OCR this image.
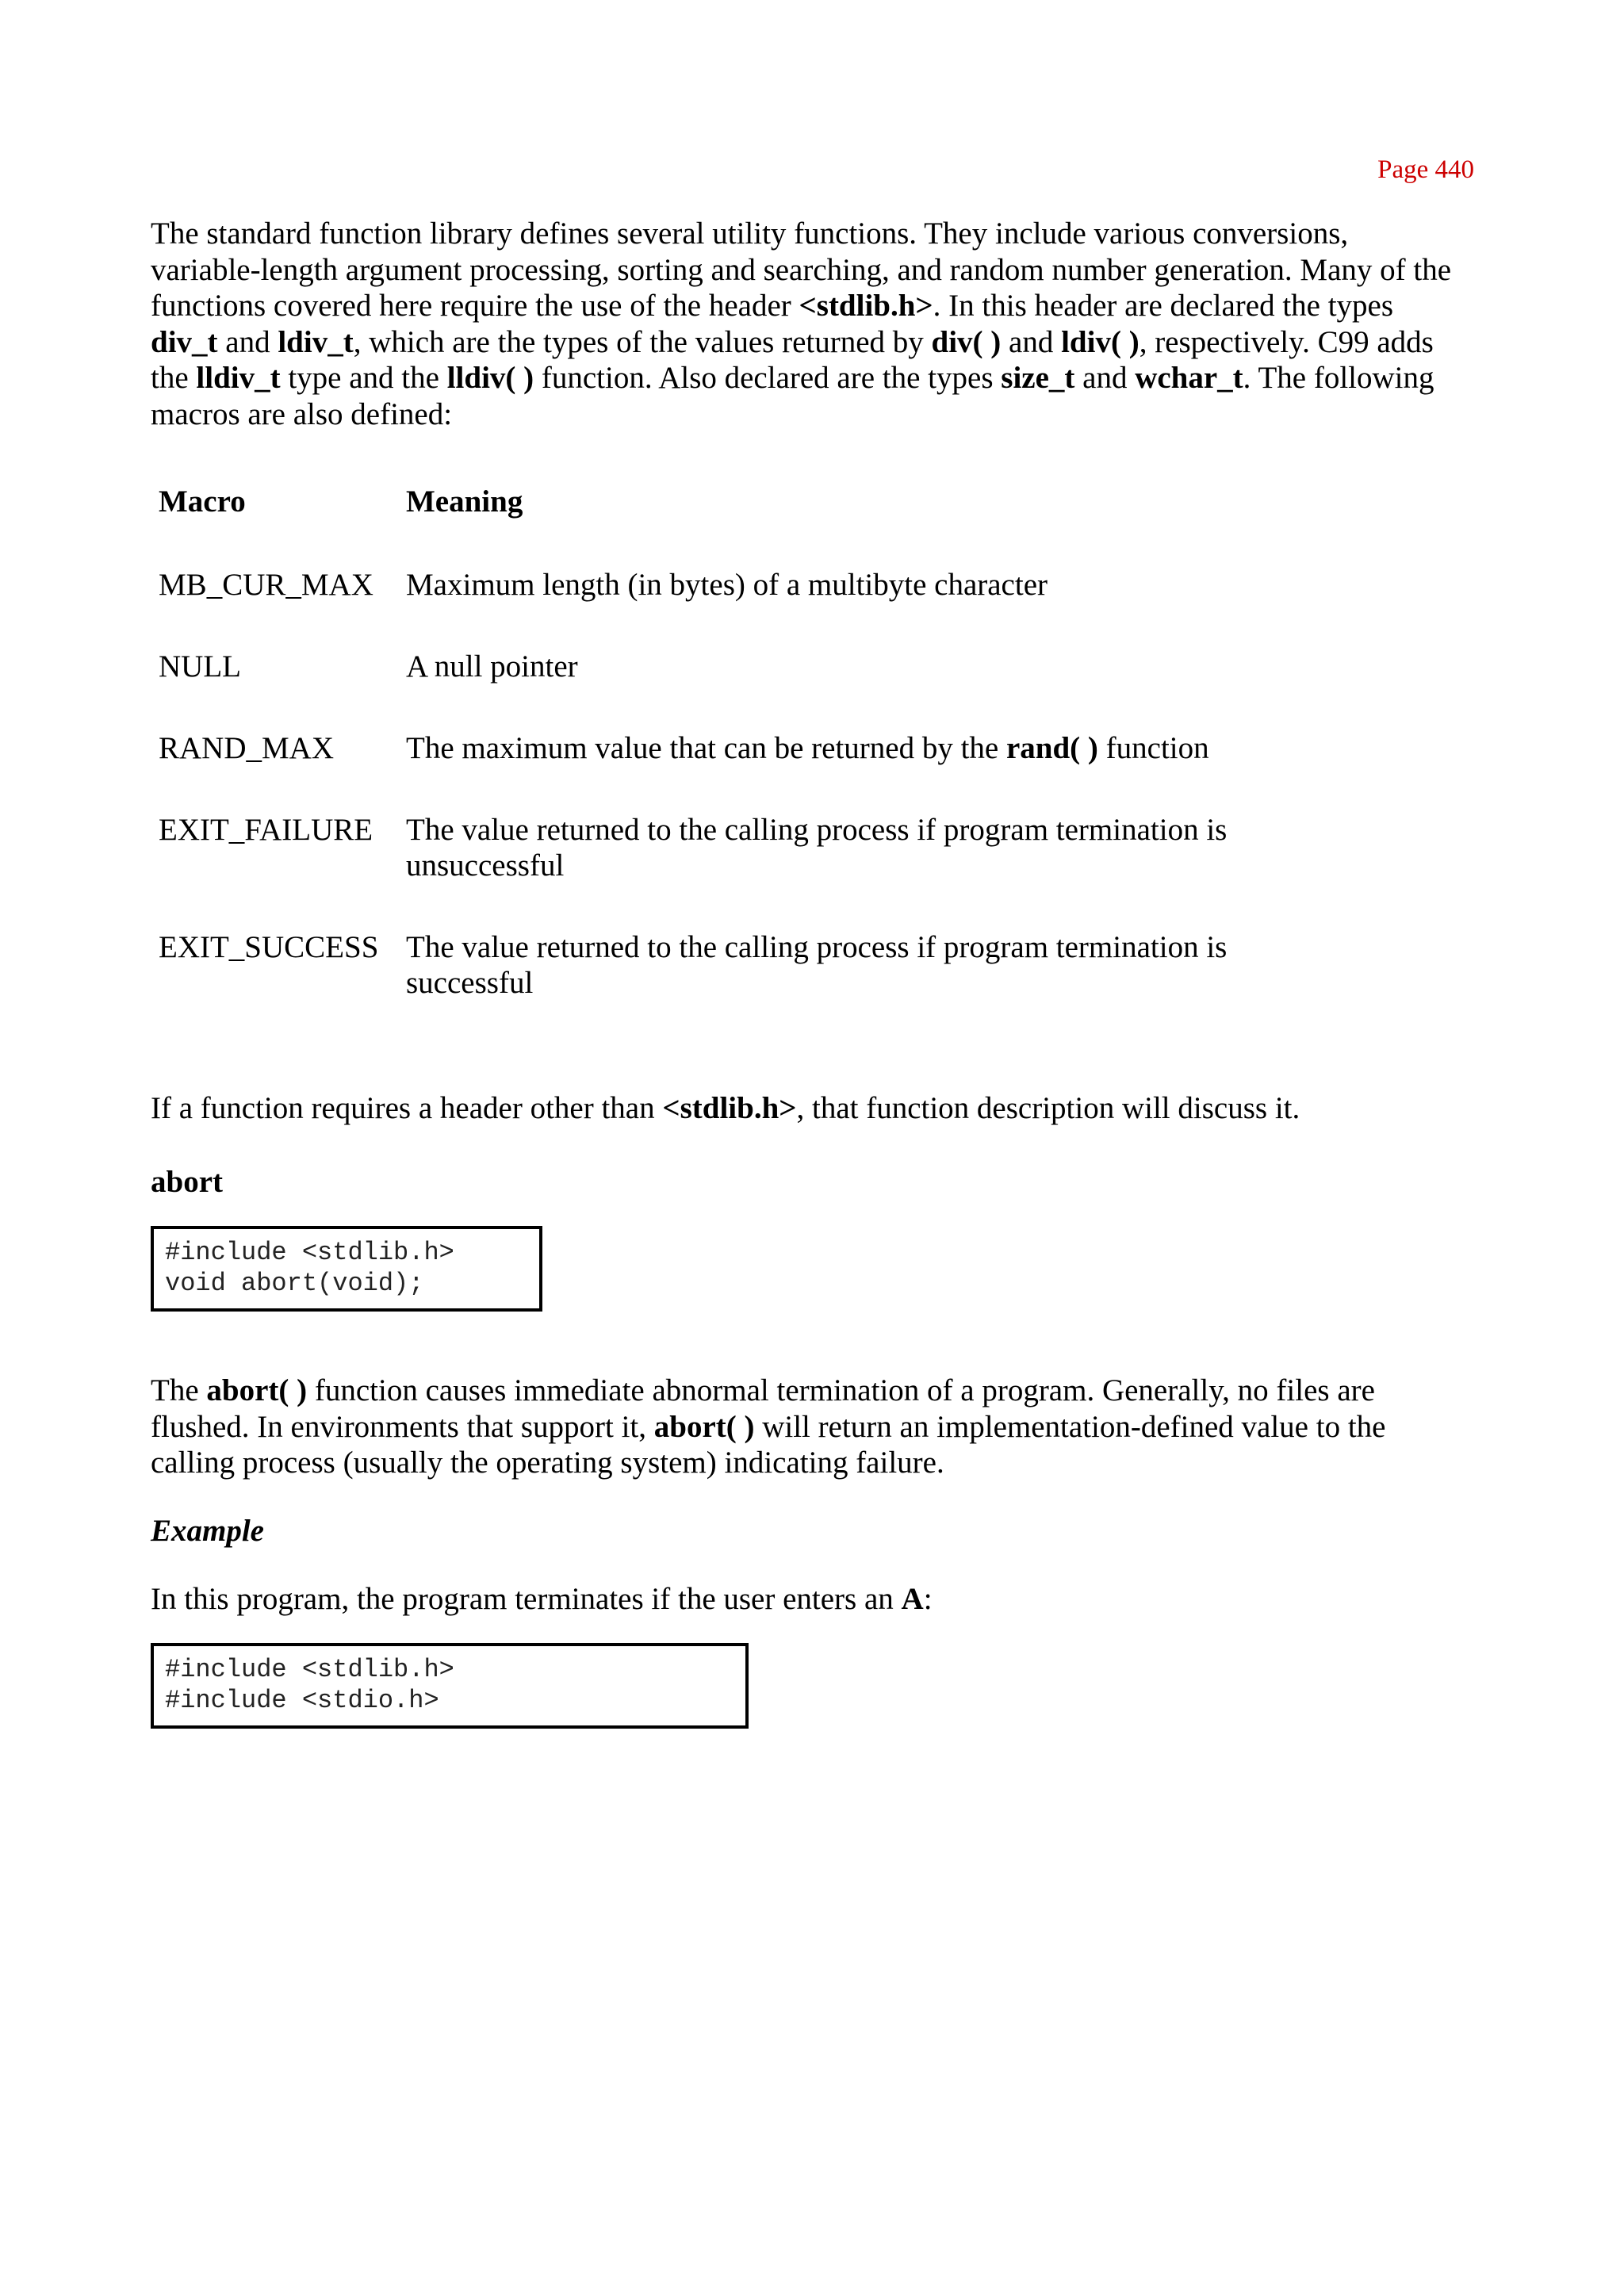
Page 440

The standard function library defines several utility functions. They include various conversions, variable-length argument processing, sorting and searching, and random number generation. Many of the functions covered here require the use of the header <stdlib.h>. In this header are declared the types div_t and ldiv_t, which are the types of the values returned by div( ) and ldiv( ), respectively. C99 adds the lldiv_t type and the lldiv( ) function. Also declared are the types size_t and wchar_t. The following macros are also defined:

Macro	Meaning
MB_CUR_MAX	Maximum length (in bytes) of a multibyte character
NULL	A null pointer
RAND_MAX	The maximum value that can be returned by the rand( ) function
EXIT_FAILURE	The value returned to the calling process if program termination is unsuccessful
EXIT_SUCCESS The value returned to the calling process if program termination is successful

If a function requires a header other than <stdlib.h>, that function description will discuss it.

abort
#include <stdlib.h>
void abort(void);

The abort( ) function causes immediate abnormal termination of a program. Generally, no files are flushed. In environments that support it, abort( ) will return an implementation-defined value to the calling process (usually the operating system) indicating failure.

Example

In this program, the program terminates if the user enters an A:

#include <stdlib.h>
#include <stdio.h>
